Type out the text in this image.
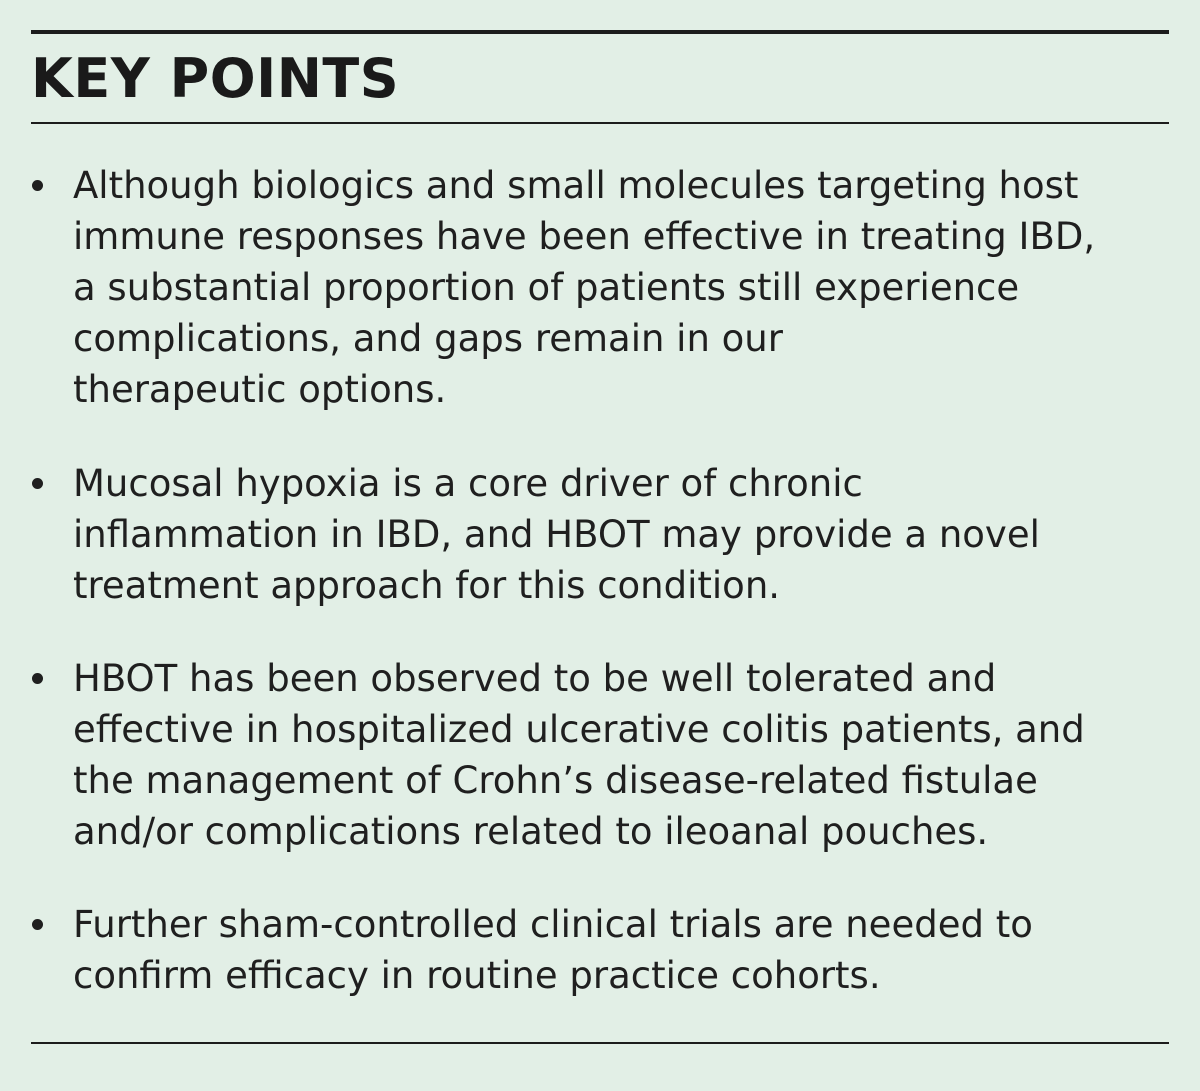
KEY POINTS
Although biologics and small molecules targeting host
immune responses have been effective in treating IBD,
a substantial proportion of patients still experience
complications, and gaps remain in our
therapeutic options.
Mucosal hypoxia is a core driver of chronic
inflammation in IBD, and HBOT may provide a novel
treatment approach for this condition.
HBOT has been observed to be well tolerated and
effective in hospitalized ulcerative colitis patients, and
the management of Crohn’s disease-related fistulae
and/or complications related to ileoanal pouches.
Further sham-controlled clinical trials are needed to
confirm efficacy in routine practice cohorts.
